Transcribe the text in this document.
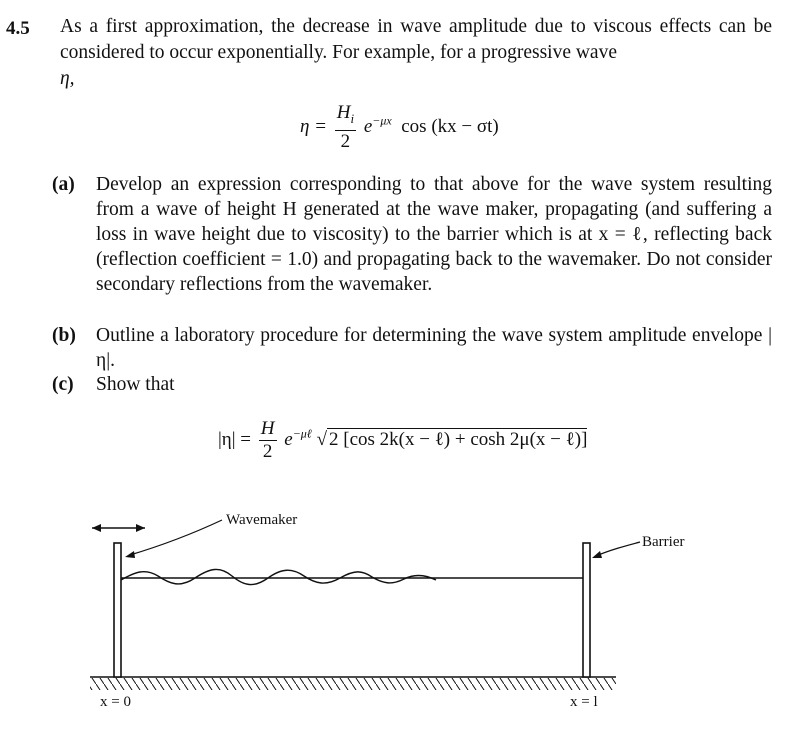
4.5 As a first approximation, the decrease in wave amplitude due to viscous effects can be considered to occur exponentially. For example, for a progressive wave
η,
$\eta = \frac{H_i}{2} e^{-\mu x}$ cos (kx − σt)
(a) Develop an expression corresponding to that above for the wave system resulting from a wave of height H generated at the wave maker, propagating (and suffering a loss in wave height due to viscosity) to the barrier which is at x = ℓ, reflecting back (reflection coefficient = 1.0) and propagating back to the wavemaker. Do not consider secondary reflections from the wavemaker.
(b) Outline a laboratory procedure for determining the wave system amplitude envelope |η|.
(c) Show that
$|\eta| = \frac{H}{2} e^{-\mu\ell}$ √ 2 [cos 2k(x − ℓ) + cosh 2μ(x − ℓ)]
Wavemaker
Barrier
x = 0	x = l
